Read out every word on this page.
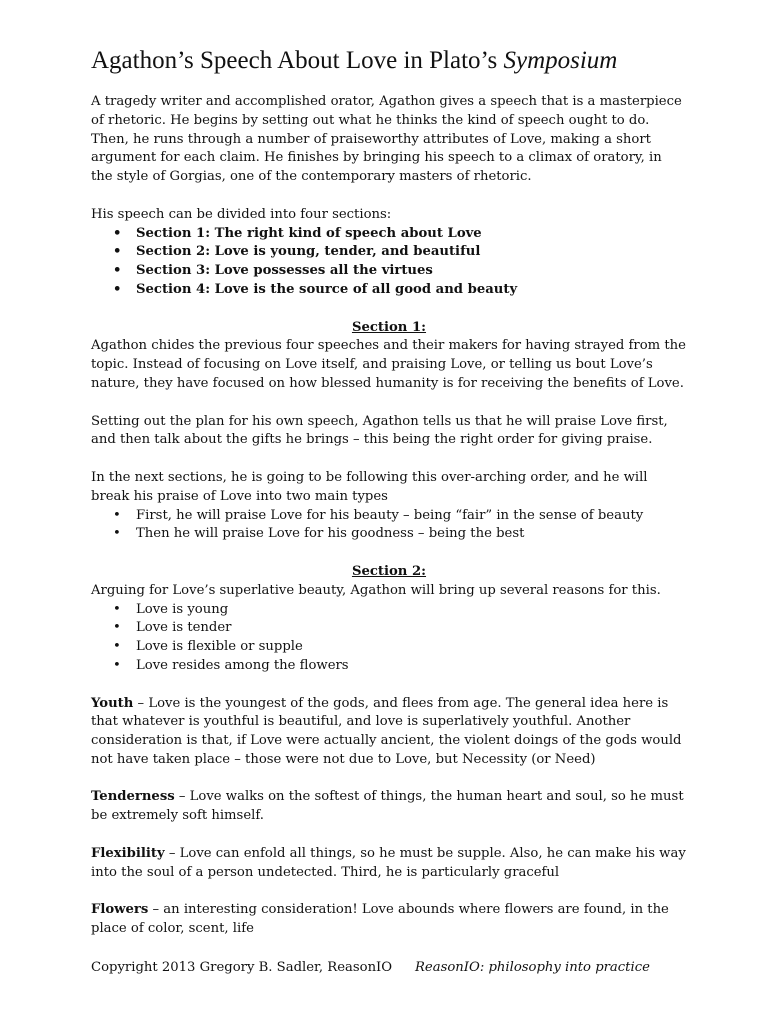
Agathon’s Speech About Love in Plato’s Symposium

A tragedy writer and accomplished orator, Agathon gives a speech that is a masterpiece of rhetoric. He begins by setting out what he thinks the kind of speech ought to do. Then, he runs through a number of praiseworthy attributes of Love, making a short argument for each claim. He finishes by bringing his speech to a climax of oratory, in the style of Gorgias, one of the contemporary masters of rhetoric.

His speech can be divided into four sections:

• Section 1: The right kind of speech about Love
• Section 2: Love is young, tender, and beautiful
• Section 3: Love possesses all the virtues
• Section 4: Love is the source of all good and beauty

Section 1:

Agathon chides the previous four speeches and their makers for having strayed from the topic. Instead of focusing on Love itself, and praising Love, or telling us bout Love’s nature, they have focused on how blessed humanity is for receiving the benefits of Love.

Setting out the plan for his own speech, Agathon tells us that he will praise Love first, and then talk about the gifts he brings – this being the right order for giving praise.

In the next sections, he is going to be following this over-arching order, and he will break his praise of Love into two main types

• First, he will praise Love for his beauty – being “fair” in the sense of beauty
• Then he will praise Love for his goodness – being the best

Section 2:

Arguing for Love’s superlative beauty, Agathon will bring up several reasons for this.

• Love is young
• Love is tender
• Love is flexible or supple
• Love resides among the flowers

Youth – Love is the youngest of the gods, and flees from age. The general idea here is that whatever is youthful is beautiful, and love is superlatively youthful. Another consideration is that, if Love were actually ancient, the violent doings of the gods would not have taken place – those were not due to Love, but Necessity (or Need)

Tenderness – Love walks on the softest of things, the human heart and soul, so he must be extremely soft himself.

Flexibility – Love can enfold all things, so he must be supple. Also, he can make his way into the soul of a person undetected. Third, he is particularly graceful

Flowers – an interesting consideration! Love abounds where flowers are found, in the place of color, scent, life

Copyright 2013 Gregory B. Sadler, ReasonIO ReasonIO: philosophy into practice
